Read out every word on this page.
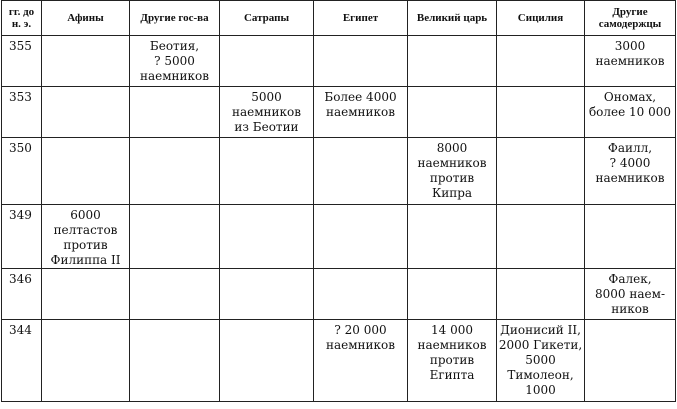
гг. до
н. э.	Афины	Другие гос-ва	Сатрапы	Египет	Великий царь	Сицилия	Другие
самодержцы

355		Беотия,
? 5000
наемников					3000
наемников

353			5000
наемников
из Беотии	Более 4000
наемников			Ономах,
более 10 000

350					8000
наемников
против
Кипра		Фаилл,
? 4000
наемников

349	6000
пелтастов
против
Филиппа II						

346							Фалек,
8000 наем-
ников

344				? 20 000
наемников	14 000
наемников
против
Египта	Дионисий II,
2000 Гикети,
5000
Тимолеон,
1000	
